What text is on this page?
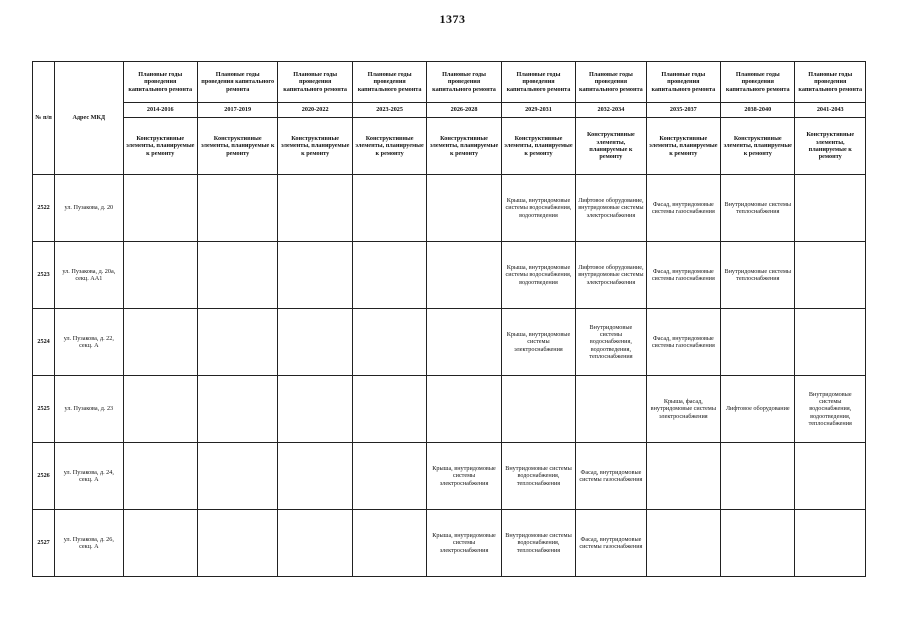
1373
№ п/п	Адрес МКД	Плановые годы проведения капитального ремонта	Плановые годы проведения капитального ремонта	Плановые годы проведения капитального ремонта	Плановые годы проведения капитального ремонта	Плановые годы проведения капитального ремонта	Плановые годы проведения капитального ремонта	Плановые годы проведения капитального ремонта	Плановые годы проведения капитального ремонта	Плановые годы проведения капитального ремонта	Плановые годы проведения капитального ремонта
		2014-2016	2017-2019	2020-2022	2023-2025	2026-2028	2029-2031	2032-2034	2035-2037	2038-2040	2041-2043
		Конструктивные элементы, планируемые к ремонту	Конструктивные элементы, планируемые к ремонту	Конструктивные элементы, планируемые к ремонту	Конструктивные элементы, планируемые к ремонту	Конструктивные элементы, планируемые к ремонту	Конструктивные элементы, планируемые к ремонту	Конструктивные элементы, планируемые к ремонту	Конструктивные элементы, планируемые к ремонту	Конструктивные элементы, планируемые к ремонту	Конструктивные элементы, планируемые к ремонту
2522	ул. Пузакова, д. 20						Крыша, внутридомовые системы водоснабжения, водоотведения	Лифтовое оборудование, внутридомовые системы электроснабжения	Фасад, внутридомовые системы газоснабжения	Внутридомовые системы теплоснабжения	
2523	ул. Пузакова, д. 20а, секц. АА1						Крыша, внутридомовые системы водоснабжения, водоотведения	Лифтовое оборудование, внутридомовые системы электроснабжения	Фасад, внутридомовые системы газоснабжения	Внутридомовые системы теплоснабжения	
2524	ул. Пузакова, д. 22, секц. А						Крыша, внутридомовые системы электроснабжения	Внутридомовые системы водоснабжения, водоотведения, теплоснабжения	Фасад, внутридомовые системы газоснабжения		
2525	ул. Пузакова, д. 23								Крыша, фасад, внутридомовые системы электроснабжения	Лифтовое оборудование	Внутридомовые системы водоснабжения, водоотведения, теплоснабжения
2526	ул. Пузакова, д. 24, секц. А					Крыша, внутридомовые системы электроснабжения	Внутридомовые системы водоснабжения, теплоснабжения	Фасад, внутридомовые системы газоснабжения			
2527	ул. Пузакова, д. 26, секц. А					Крыша, внутридомовые системы электроснабжения	Внутридомовые системы водоснабжения, теплоснабжения	Фасад, внутридомовые системы газоснабжения			
